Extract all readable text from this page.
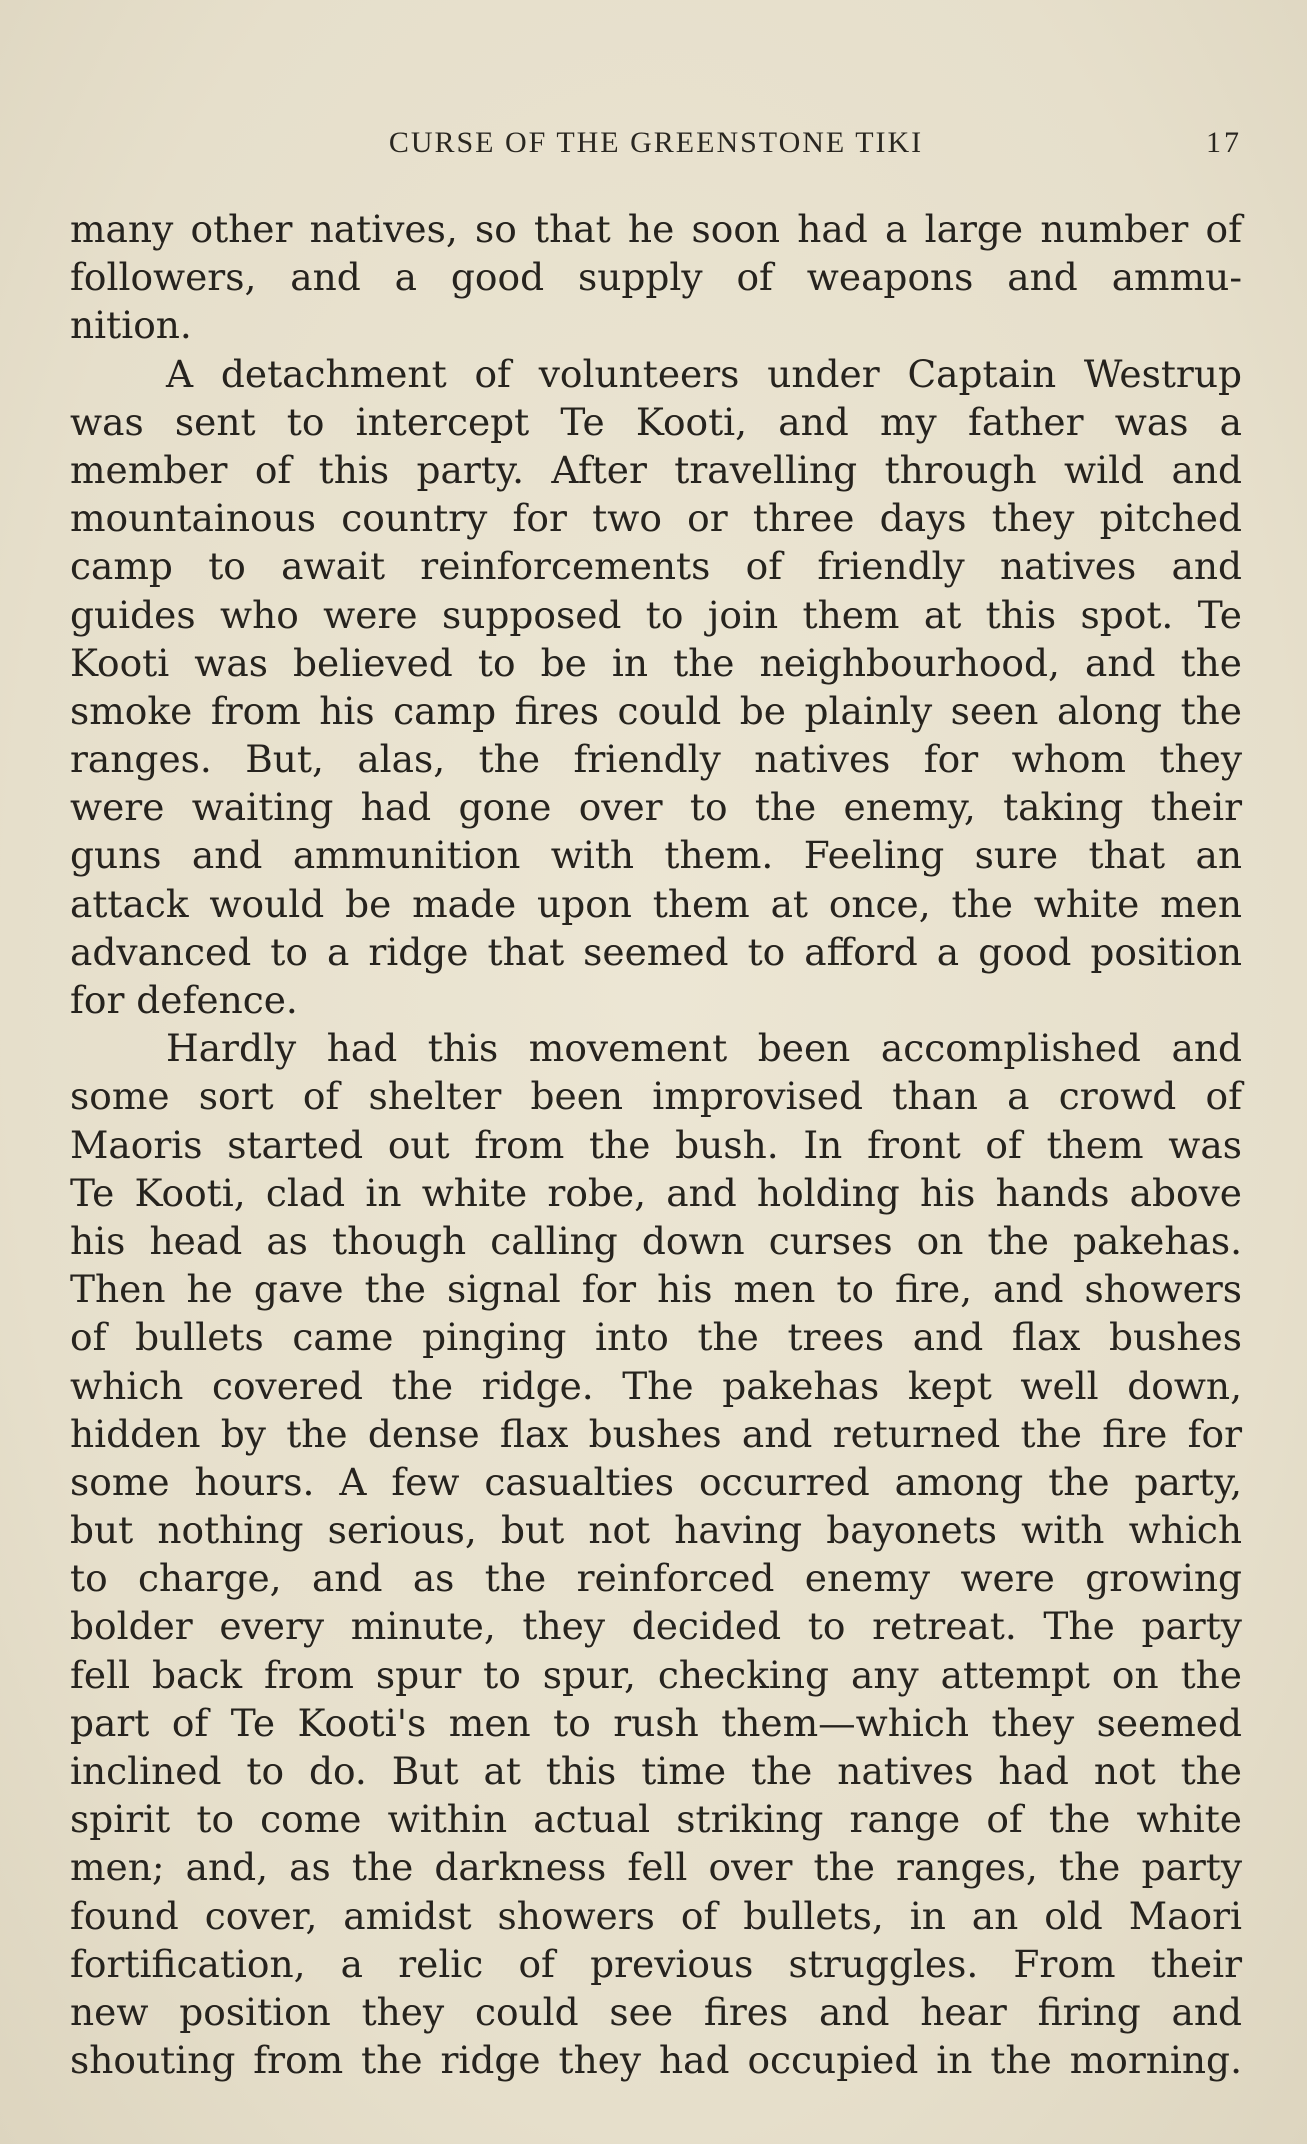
CURSE OF THE GREENSTONE TIKI	17
many other natives, so that he soon had a large number of
followers, and a good supply of weapons and ammu-
nition.
A detachment of volunteers under Captain Westrup
was sent to intercept Te Kooti, and my father was a
member of this party. After travelling through wild and
mountainous country for two or three days they pitched
camp to await reinforcements of friendly natives and
guides who were supposed to join them at this spot. Te
Kooti was believed to be in the neighbourhood, and the
smoke from his camp fires could be plainly seen along the
ranges. But, alas, the friendly natives for whom they
were waiting had gone over to the enemy, taking their
guns and ammunition with them. Feeling sure that an
attack would be made upon them at once, the white men
advanced to a ridge that seemed to afford a good position
for defence.
Hardly had this movement been accomplished and
some sort of shelter been improvised than a crowd of
Maoris started out from the bush. In front of them was
Te Kooti, clad in white robe, and holding his hands above
his head as though calling down curses on the pakehas.
Then he gave the signal for his men to fire, and showers
of bullets came pinging into the trees and flax bushes
which covered the ridge. The pakehas kept well down,
hidden by the dense flax bushes and returned the fire for
some hours. A few casualties occurred among the party,
but nothing serious, but not having bayonets with which
to charge, and as the reinforced enemy were growing
bolder every minute, they decided to retreat. The party
fell back from spur to spur, checking any attempt on the
part of Te Kooti's men to rush them—which they seemed
inclined to do. But at this time the natives had not the
spirit to come within actual striking range of the white
men; and, as the darkness fell over the ranges, the party
found cover, amidst showers of bullets, in an old Maori
fortification, a relic of previous struggles. From their
new position they could see fires and hear firing and
shouting from the ridge they had occupied in the morning.
